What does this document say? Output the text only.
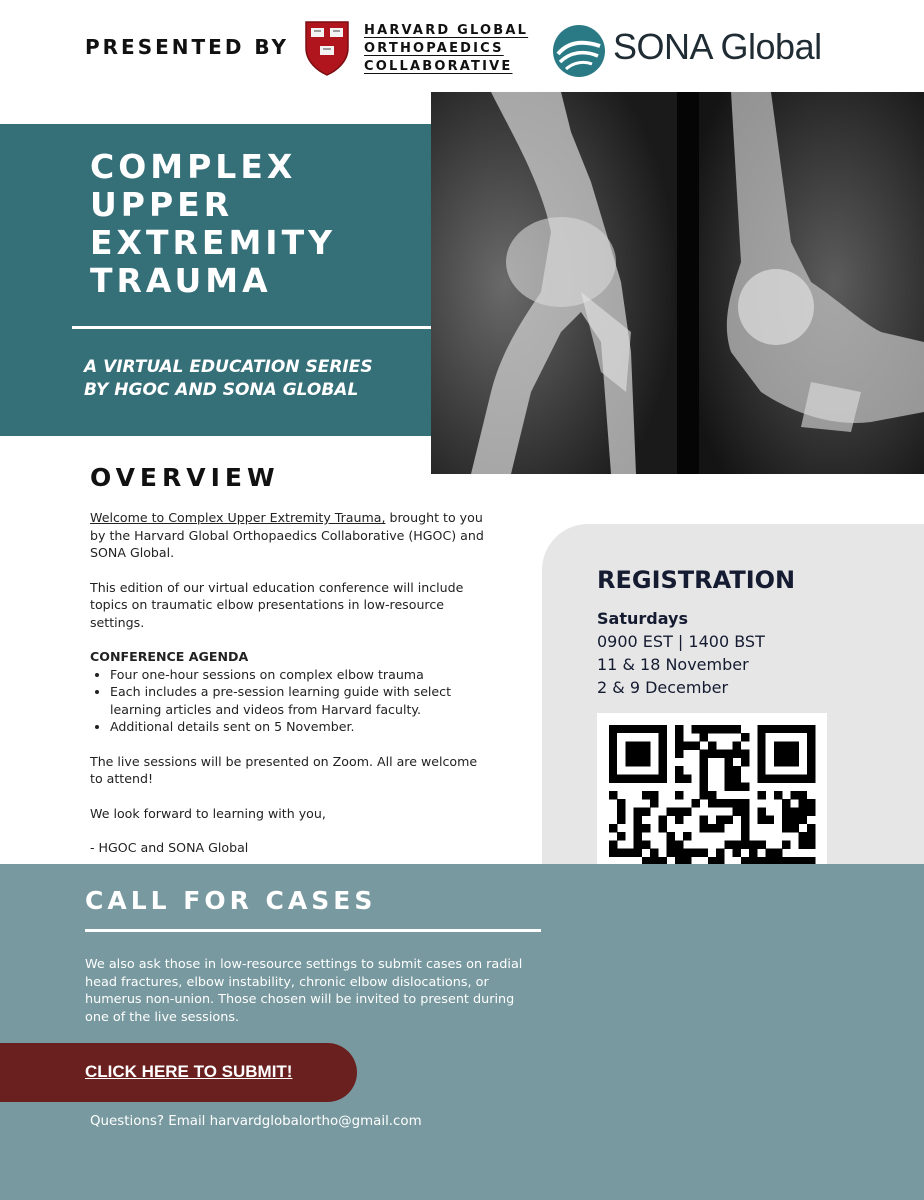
PRESENTED BY
HARVARD GLOBAL
ORTHOPAEDICS
COLLABORATIVE	SONA Global
COMPLEX
UPPER
EXTREMITY
TRAUMA
A VIRTUAL EDUCATION SERIES
BY HGOC AND SONA GLOBAL
OVERVIEW

Welcome to Complex Upper Extremity Trauma, brought to you by the Harvard Global Orthopaedics Collaborative (HGOC) and SONA Global.

This edition of our virtual education conference will include topics on traumatic elbow presentations in low-resource settings.

CONFERENCE AGENDA
• Four one-hour sessions on complex elbow trauma
• Each includes a pre-session learning guide with select learning articles and videos from Harvard faculty.
• Additional details sent on 5 November.

The live sessions will be presented on Zoom. All are welcome to attend!

We look forward to learning with you,

- HGOC and SONA Global

REGISTRATION
Saturdays
0900 EST | 1400 BST
11 & 18 November
2 & 9 December
CALL FOR CASES
We also ask those in low-resource settings to submit cases on radial head fractures, elbow instability, chronic elbow dislocations, or humerus non-union. Those chosen will be invited to present during one of the live sessions.
CLICK HERE TO SUBMIT!
Questions? Email harvardglobalortho@gmail.com
